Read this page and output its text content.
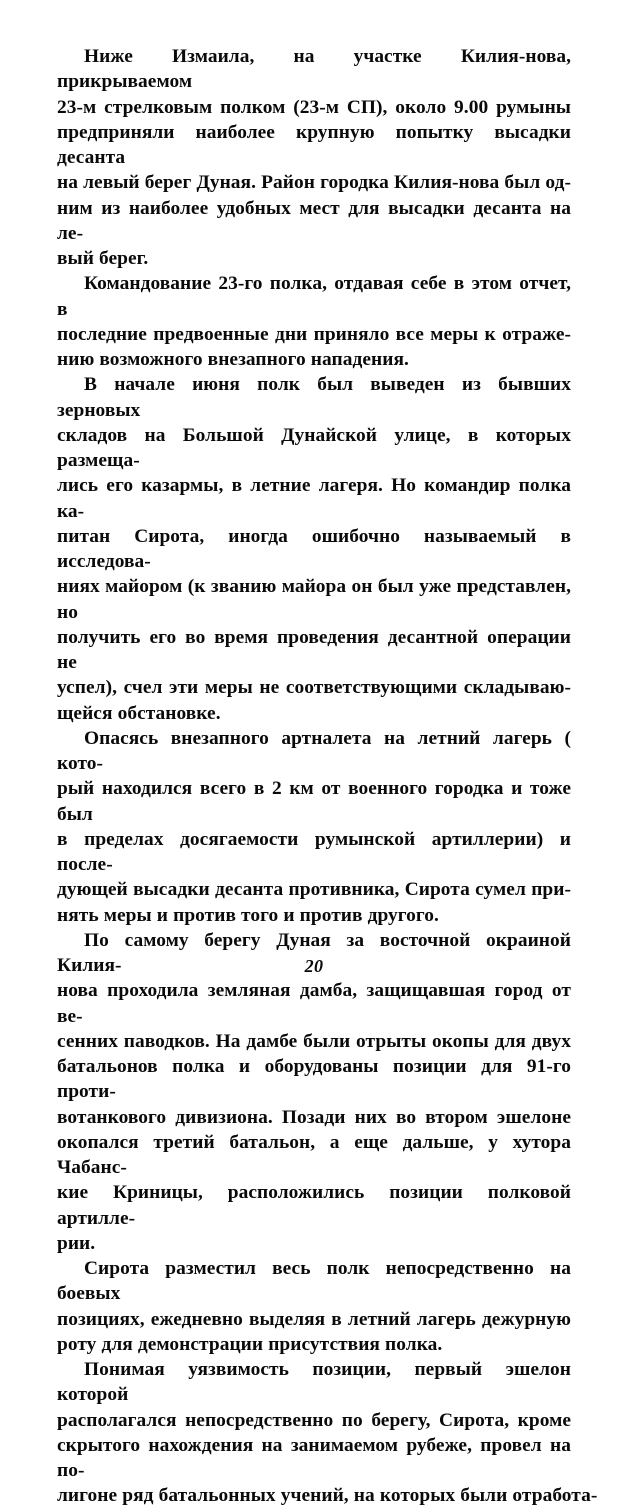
Ниже Измаила, на участке Килия-нова, прикрываемом
23-м стрелковым полком (23-м СП), около 9.00 румыны
предприняли наиболее крупную попытку высадки десанта
на левый берег Дуная. Район городка Килия-нова был од-
ним из наиболее удобных мест для высадки десанта на ле-
вый берег.

Командование 23-го полка, отдавая себе в этом отчет, в
последние предвоенные дни приняло все меры к отраже-
нию возможного внезапного нападения.

В начале июня полк был выведен из бывших зерновых
складов на Большой Дунайской улице, в которых размеща-
лись его казармы, в летние лагеря. Но командир полка ка-
питан Сирота, иногда ошибочно называемый в исследова-
ниях майором (к званию майора он был уже представлен, но
получить его во время проведения десантной операции не
успел), счел эти меры не соответствующими складываю-
щейся обстановке.

Опасясь внезапного артналета на летний лагерь ( кото-
рый находился всего в 2 км от военного городка и тоже был
в пределах досягаемости румынской артиллерии) и после-
дующей высадки десанта противника, Сирота сумел при-
нять меры и против того и против другого.

По самому берегу Дуная за восточной окраиной Килия-
нова проходила земляная дамба, защищавшая город от ве-
сенних паводков. На дамбе были отрыты окопы для двух
батальонов полка и оборудованы позиции для 91-го проти-
вотанкового дивизиона. Позади них во втором эшелоне
окопался третий батальон, а еще дальше, у хутора Чабанс-
кие Криницы, расположились позиции полковой артилле-
рии.

Сирота разместил весь полк непосредственно на боевых
позициях, ежедневно выделяя в летний лагерь дежурную
роту для демонстрации присутствия полка.

Понимая уязвимость позиции, первый эшелон которой
располагался непосредственно по берегу, Сирота, кроме
скрытого нахождения на занимаемом рубеже, провел на по-
лигоне ряд батальонных учений, на которых были отработа-

20
